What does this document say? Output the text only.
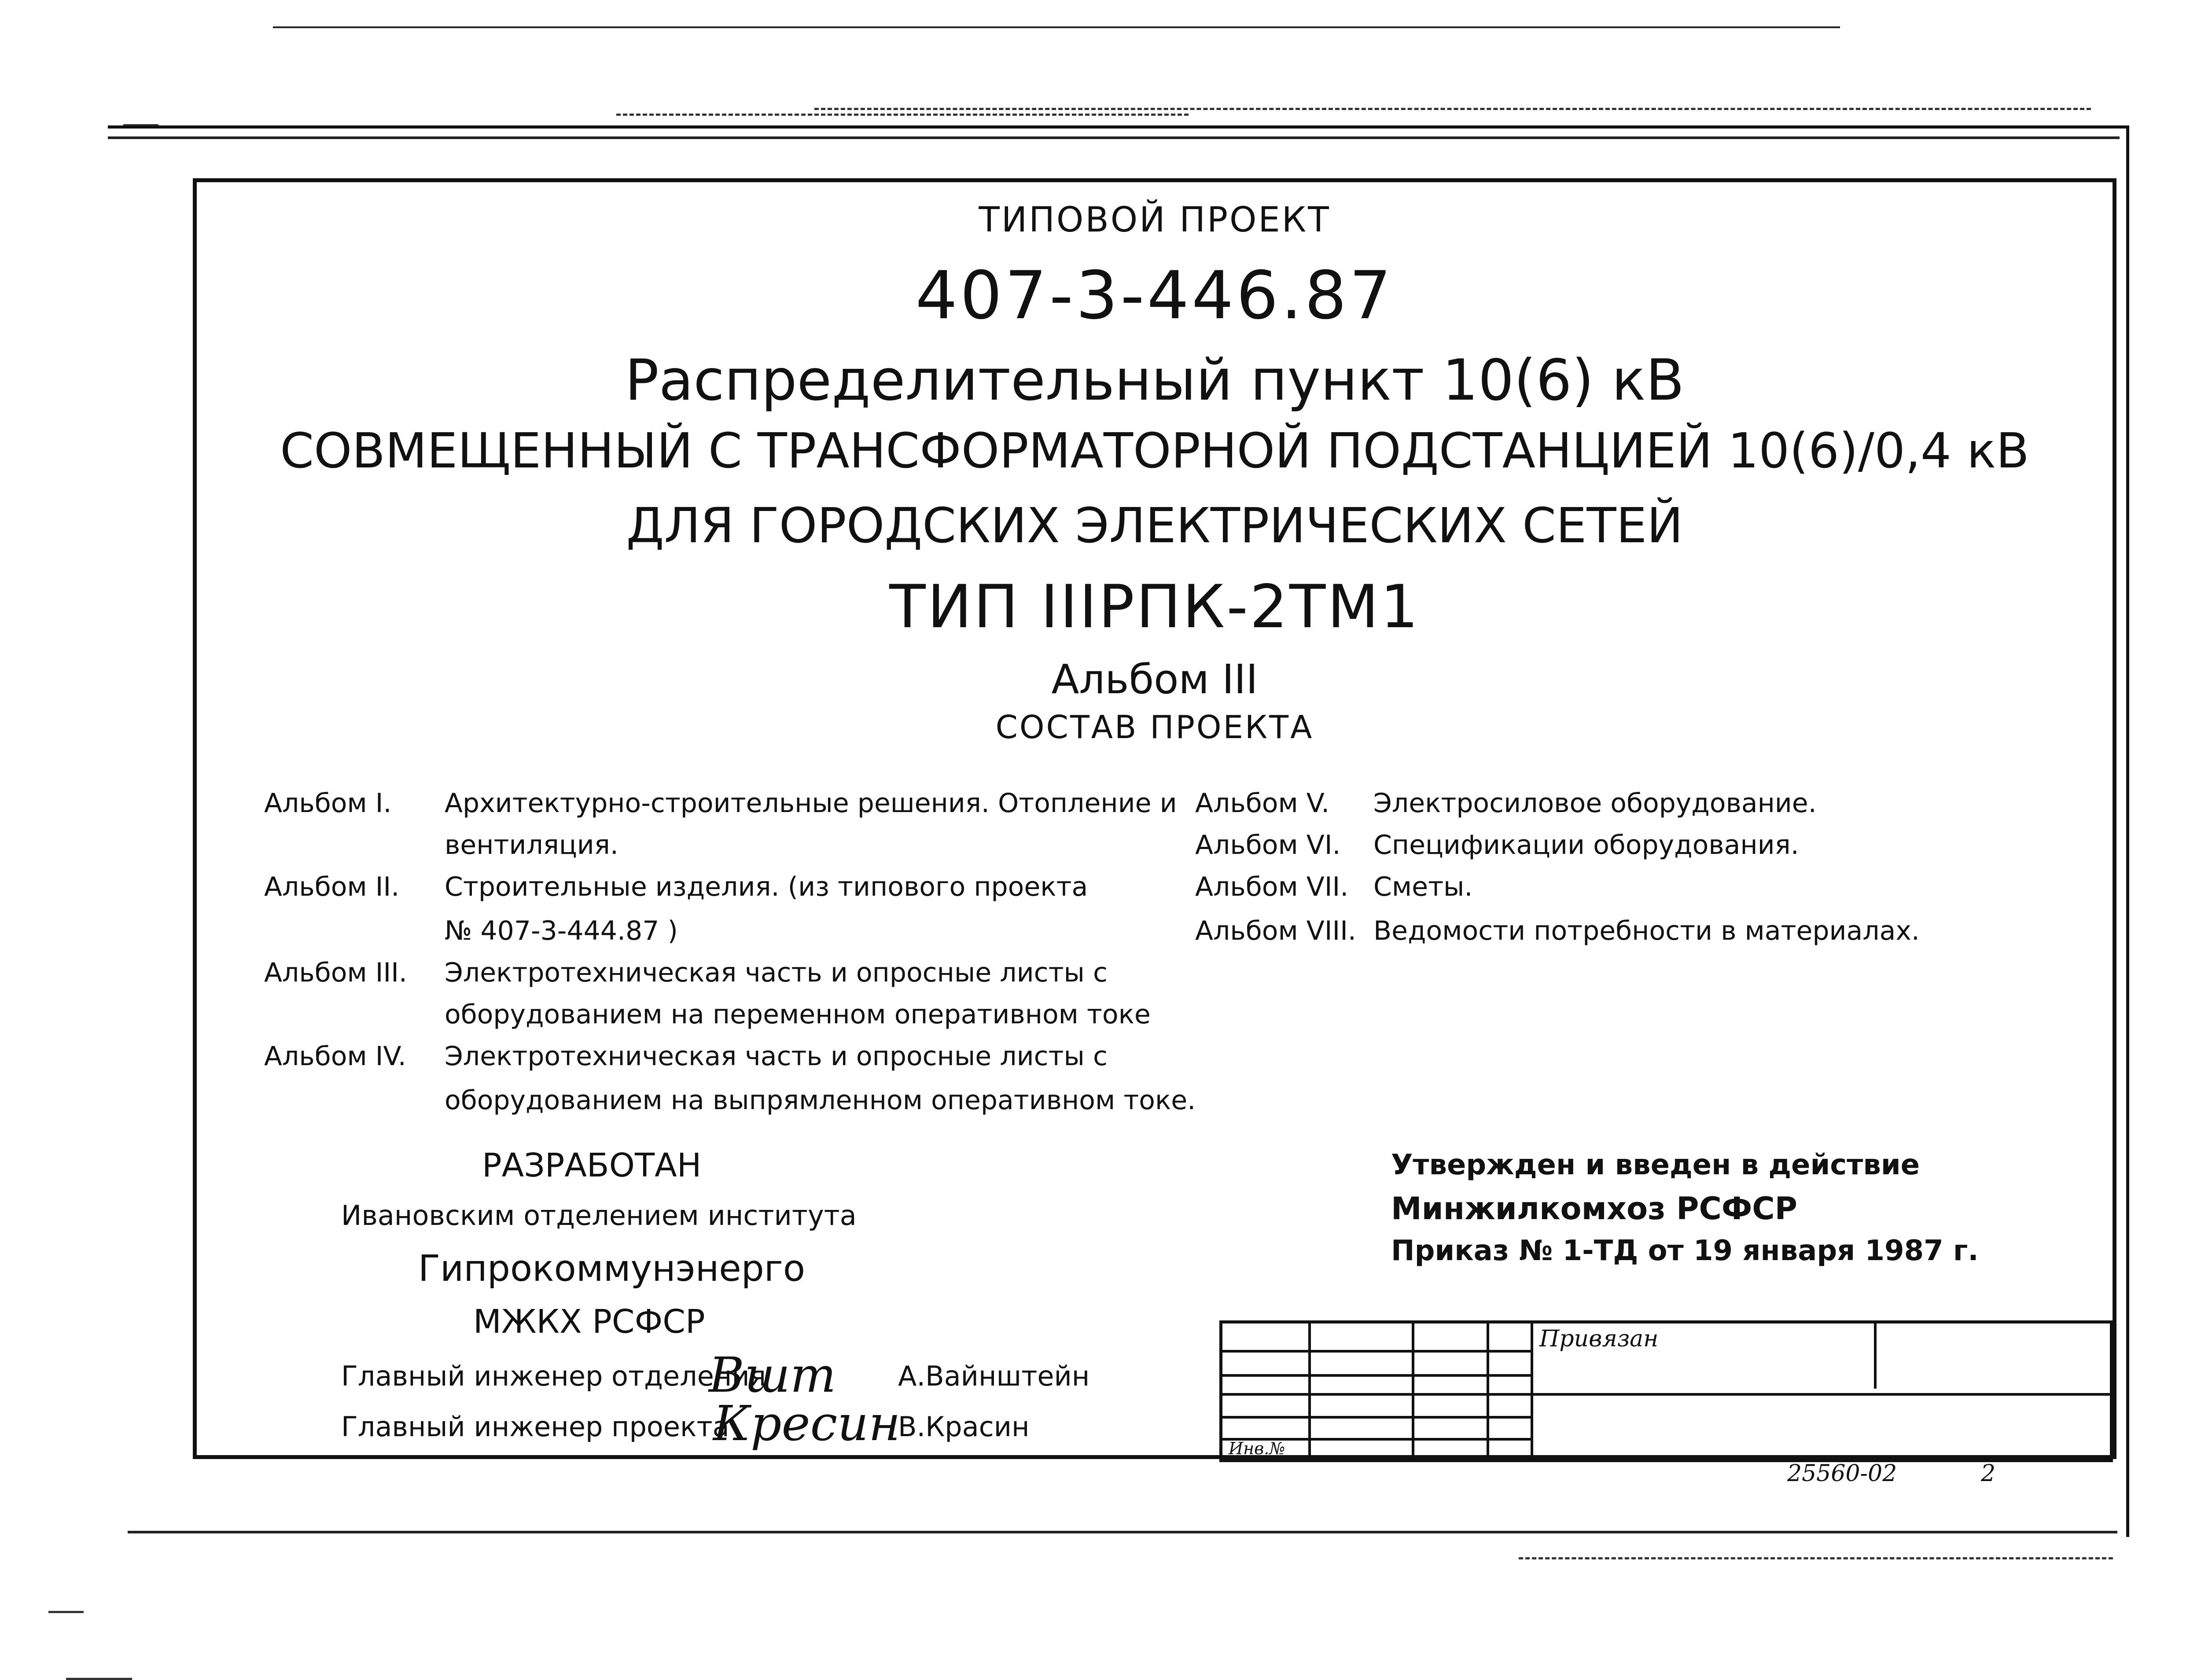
ТИПОВОЙ ПРОЕКТ
407-3-446.87
Распределительный пункт 10(6) кВ
СОВМЕЩЕННЫЙ С ТРАНСФОРМАТОРНОЙ ПОДСТАНЦИЕЙ 10(6)/0,4 кВ
ДЛЯ ГОРОДСКИХ ЭЛЕКТРИЧЕСКИХ СЕТЕЙ
ТИП IIIРПК-2ТМ1
Альбом III
СОСТАВ ПРОЕКТА
Альбом I. Архитектурно-строительные решения. Отопление и
вентиляция.
Альбом II. Строительные изделия. (из типового проекта
№ 407-3-444.87 )
Альбом III. Электротехническая часть и опросные листы с
оборудованием на переменном оперативном токе
Альбом IV. Электротехническая часть и опросные листы с
оборудованием на выпрямленном оперативном токе.
Альбом V. Электросиловое оборудование.
Альбом VI. Спецификации оборудования.
Альбом VII. Сметы.
Альбом VIII. Ведомости потребности в материалах.
РАЗРАБОТАН
Ивановским отделением института
Гипрокоммунэнерго
МЖКХ РСФСР
Утвержден и введен в действие
Минжилкомхоз РСФСР
Приказ № 1-ТД от 19 января 1987 г.
Главный инженер отделения
Вшт А.Вайнштейн
Главный инженер проекта
Кресин
В.Красин
Привязан
Инв.№
25560-02	2
